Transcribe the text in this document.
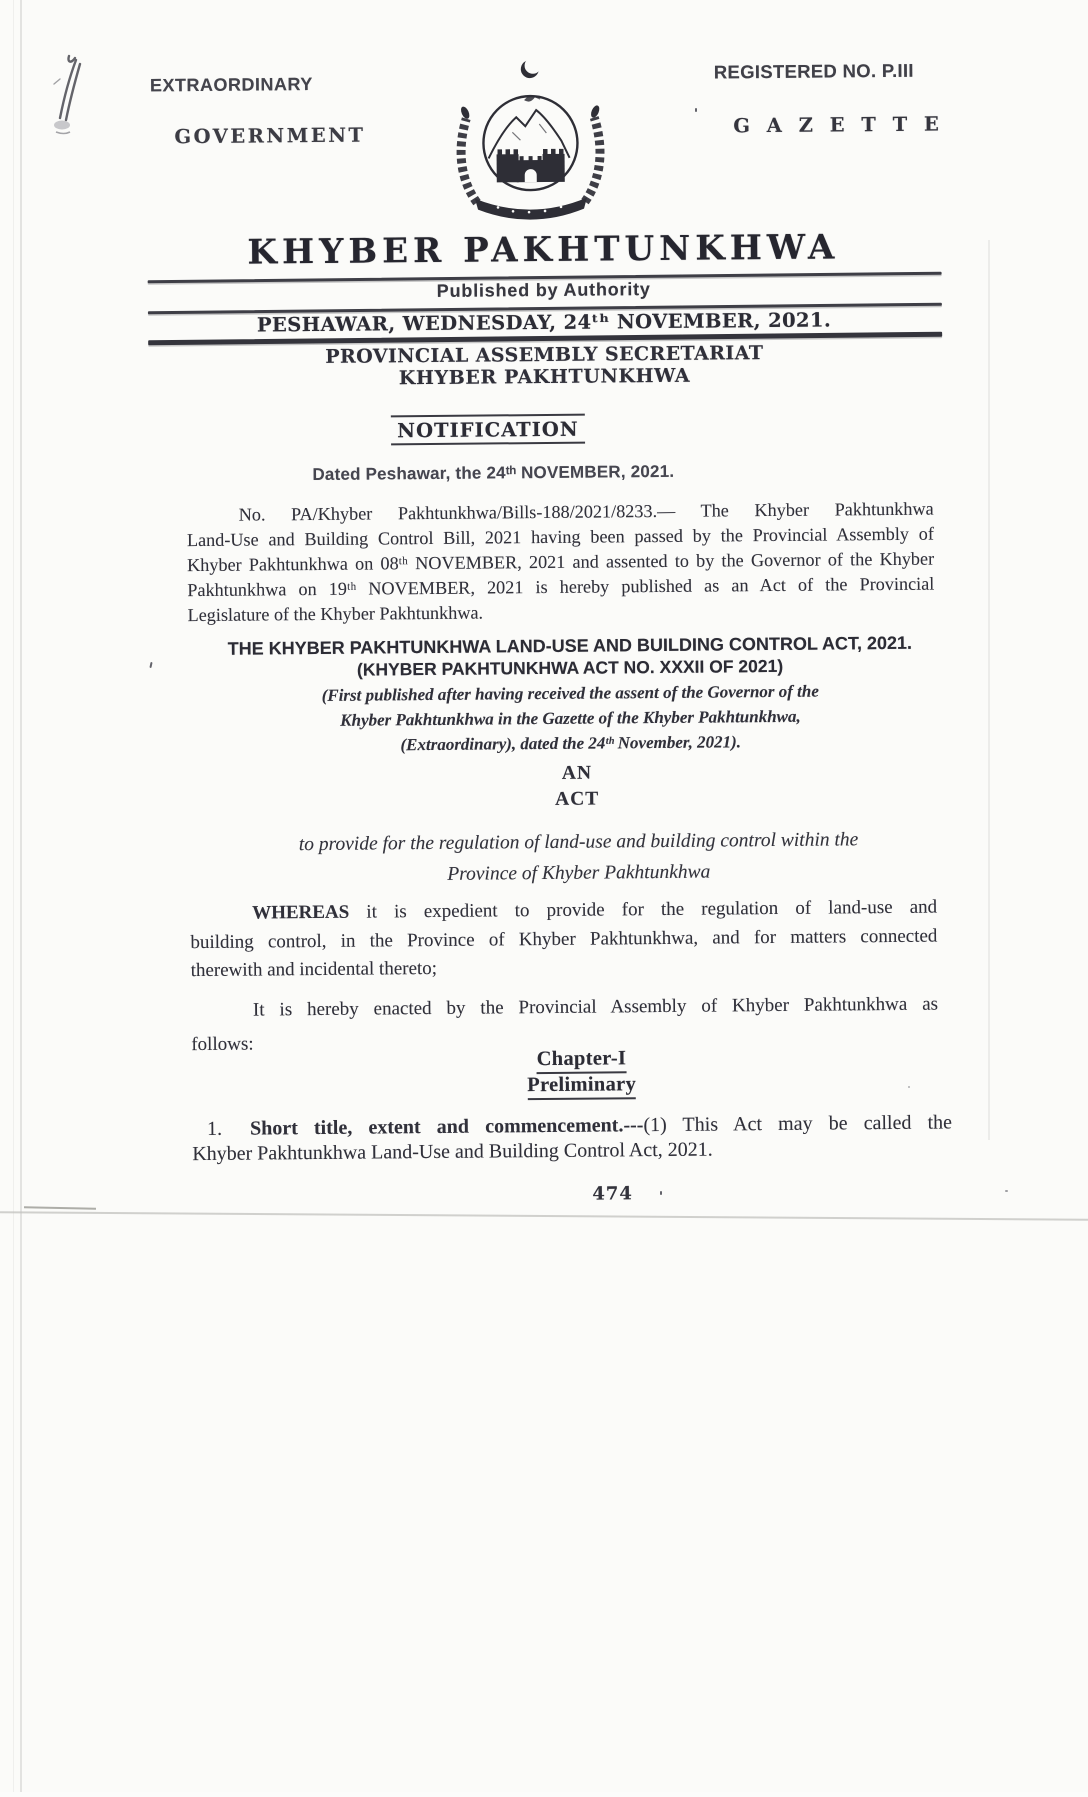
EXTRAORDINARY
GOVERNMENT
REGISTERED NO. P.III
G A Z E T T E
KHYBER PAKHTUNKHWA
Published by Authority
PESHAWAR, WEDNESDAY, 24ᵗʰ NOVEMBER, 2021.
PROVINCIAL ASSEMBLY SECRETARIAT
KHYBER PAKHTUNKHWA
NOTIFICATION
Dated Peshawar, the 24ᵗʰ NOVEMBER, 2021.
No. PA/Khyber Pakhtunkhwa/Bills-188/2021/8233.— The Khyber Pakhtunkhwa
Land-Use and Building Control Bill, 2021 having been passed by the Provincial Assembly of
Khyber Pakhtunkhwa on 08ᵗʰ NOVEMBER, 2021 and assented to by the Governor of the Khyber
Pakhtunkhwa on 19ᵗʰ NOVEMBER, 2021 is hereby published as an Act of the Provincial
Legislature of the Khyber Pakhtunkhwa.
THE KHYBER PAKHTUNKHWA LAND-USE AND BUILDING CONTROL ACT, 2021.
(KHYBER PAKHTUNKHWA ACT NO. XXXII OF 2021)
(First published after having received the assent of the Governor of the
Khyber Pakhtunkhwa in the Gazette of the Khyber Pakhtunkhwa,
(Extraordinary), dated the 24ᵗʰ November, 2021).
AN
ACT
to provide for the regulation of land-use and building control within the
Province of Khyber Pakhtunkhwa
WHEREAS it is expedient to provide for the regulation of land-use and
building control, in the Province of Khyber Pakhtunkhwa, and for matters connected
therewith and incidental thereto;
It is hereby enacted by the Provincial Assembly of Khyber Pakhtunkhwa as
follows:
Chapter-I
Preliminary
1. Short title, extent and commencement.---(1) This Act may be called the
Khyber Pakhtunkhwa Land-Use and Building Control Act, 2021.
474
